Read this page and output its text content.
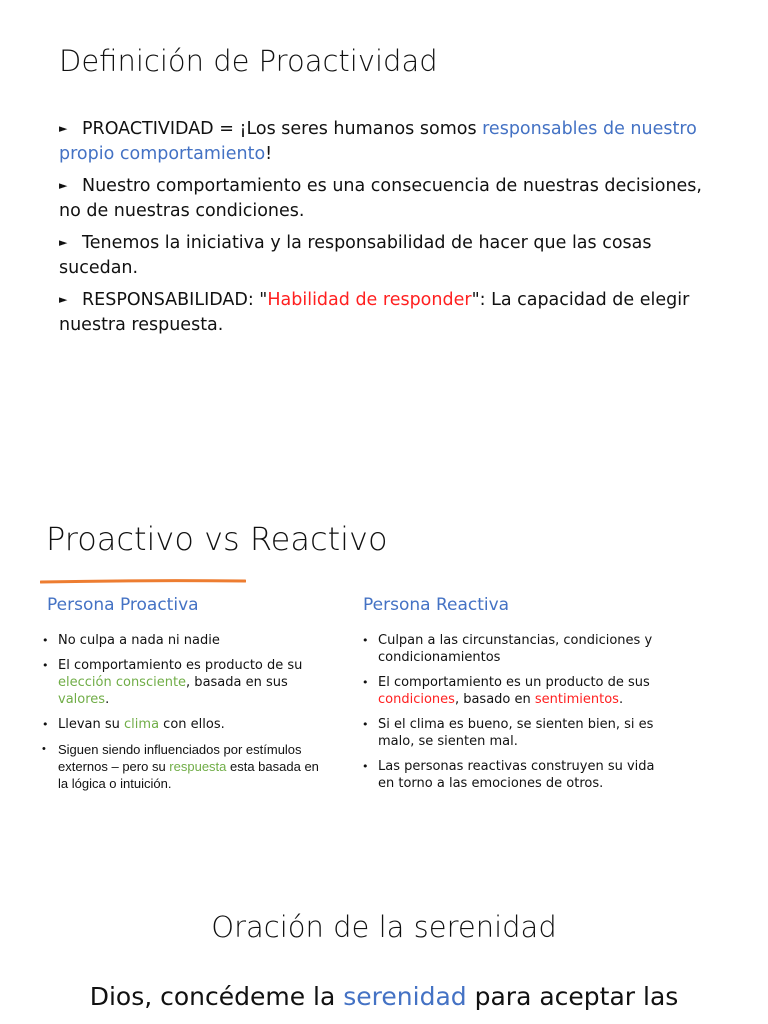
Definición de Proactividad
► PROACTIVIDAD = ¡Los seres humanos somos responsables de nuestro propio comportamiento!
► Nuestro comportamiento es una consecuencia de nuestras decisiones, no de nuestras condiciones.
► Tenemos la iniciativa y la responsabilidad de hacer que las cosas sucedan.
► RESPONSABILIDAD: "Habilidad de responder": La capacidad de elegir nuestra respuesta.
Proactivo vs Reactivo
Persona Proactiva
• No culpa a nada ni nadie
• El comportamiento es producto de su elección consciente, basada en sus valores.
• Llevan su clima con ellos.
• Siguen siendo influenciados por estímulos externos – pero su respuesta esta basada en la lógica o intuición.
Persona Reactiva
• Culpan a las circunstancias, condiciones y condicionamientos
• El comportamiento es un producto de sus condiciones, basado en sentimientos.
• Si el clima es bueno, se sienten bien, si es malo, se sienten mal.
• Las personas reactivas construyen su vida en torno a las emociones de otros.
Oración de la serenidad

Dios, concédeme la serenidad para aceptar las
